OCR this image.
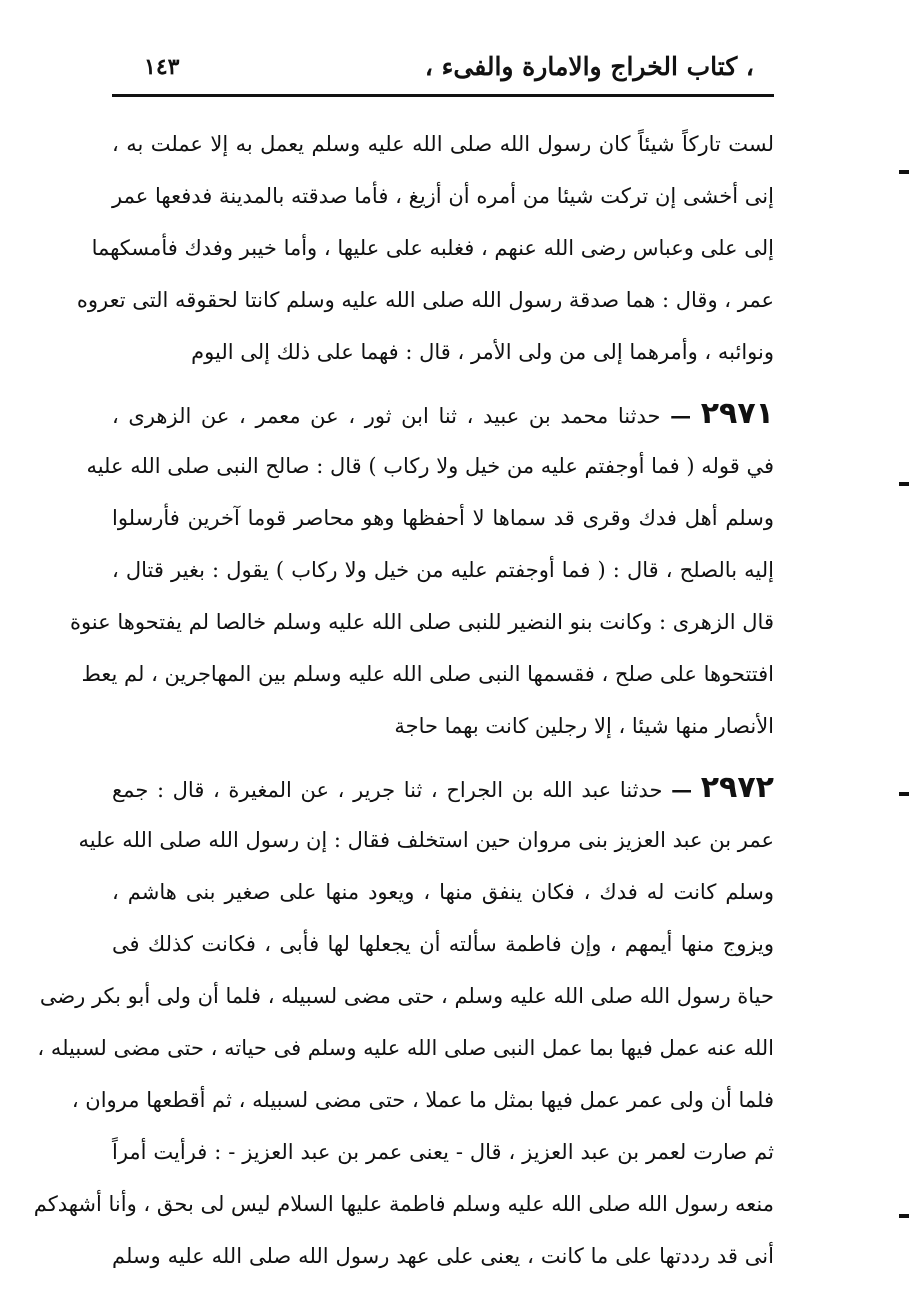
، كتاب الخراج والامارة والفىء ،
١٤٣
لست تاركاً شيئاً كان رسول الله صلى الله عليه وسلم يعمل به إلا عملت به ،
إنى أخشى إن تركت شيئا من أمره أن أزيغ ، فأما صدقته بالمدينة فدفعها عمر
إلى على وعباس رضى الله عنهم ، فغلبه على عليها ، وأما خيبر وفدك فأمسكهما
عمر ، وقال : هما صدقة رسول الله صلى الله عليه وسلم كانتا لحقوقه التى تعروه
ونوائبه ، وأمرهما إلى من ولى الأمر ، قال : فهما على ذلك إلى اليوم
٢٩٧١ — حدثنا محمد بن عبيد ، ثنا ابن ثور ، عن معمر ، عن الزهرى ،
في قوله ( فما أوجفتم عليه من خيل ولا ركاب ) قال : صالح النبى صلى الله عليه
وسلم أهل فدك وقرى قد سماها لا أحفظها وهو محاصر قوما آخرين فأرسلوا
إليه بالصلح ، قال : ( فما أوجفتم عليه من خيل ولا ركاب ) يقول : بغير قتال ،
قال الزهرى : وكانت بنو النضير للنبى صلى الله عليه وسلم خالصا لم يفتحوها عنوة
افتتحوها على صلح ، فقسمها النبى صلى الله عليه وسلم بين المهاجرين ، لم يعط
الأنصار منها شيئا ، إلا رجلين كانت بهما حاجة
٢٩٧٢ — حدثنا عبد الله بن الجراح ، ثنا جرير ، عن المغيرة ، قال : جمع
عمر بن عبد العزيز بنى مروان حين استخلف فقال : إن رسول الله صلى الله عليه
وسلم كانت له فدك ، فكان ينفق منها ، ويعود منها على صغير بنى هاشم ،
ويزوج منها أيمهم ، وإن فاطمة سألته أن يجعلها لها فأبى ، فكانت كذلك فى
حياة رسول الله صلى الله عليه وسلم ، حتى مضى لسبيله ، فلما أن ولى أبو بكر رضى
الله عنه عمل فيها بما عمل النبى صلى الله عليه وسلم فى حياته ، حتى مضى لسبيله ،
فلما أن ولى عمر عمل فيها بمثل ما عملا ، حتى مضى لسبيله ، ثم أقطعها مروان ،
ثم صارت لعمر بن عبد العزيز ، قال - يعنى عمر بن عبد العزيز - : فرأيت أمراً
منعه رسول الله صلى الله عليه وسلم فاطمة عليها السلام ليس لى بحق ، وأنا أشهدكم
أنى قد رددتها على ما كانت ، يعنى على عهد رسول الله صلى الله عليه وسلم
